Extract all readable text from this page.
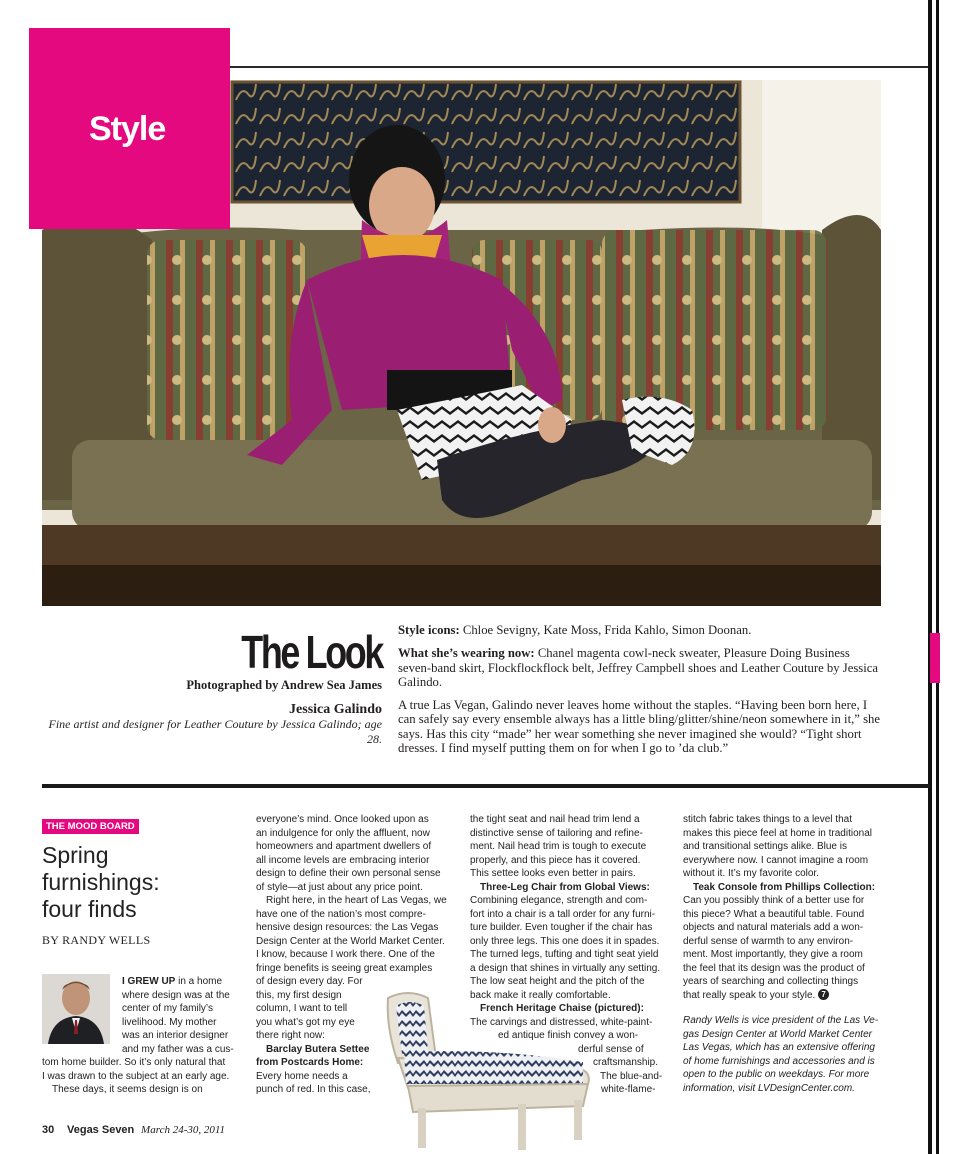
Style
The Look
Photographed by Andrew Sea James
Jessica Galindo
Fine artist and designer for Leather Couture by Jessica Galindo; age 28.

Style icons: Chloe Sevigny, Kate Moss, Frida Kahlo, Simon Doonan.

What she’s wearing now: Chanel magenta cowl-neck sweater, Pleasure Doing Business seven-band skirt, Flockflockflock belt, Jeffrey Campbell shoes and Leather Couture by Jessica Galindo.

A true Las Vegan, Galindo never leaves home without the staples. “Having been born here, I can safely say every ensemble always has a little bling/glitter/shine/neon somewhere in it,” she says. Has this city “made” her wear something she never imagined she would? “Tight short dresses. I find myself putting them on for when I go to ’da club.”

THE MOOD BOARD
Spring
furnishings:
four finds
BY RANDY WELLS
I GREW UP in a home
where design was at the
center of my family’s
livelihood. My mother
was an interior designer
and my father was a cus-
tom home builder. So it’s only natural that
I was drawn to the subject at an early age.
These days, it seems design is on
everyone’s mind. Once looked upon as
an indulgence for only the affluent, now
homeowners and apartment dwellers of
all income levels are embracing interior
design to define their own personal sense
of style—at just about any price point.
Right here, in the heart of Las Vegas, we
have one of the nation’s most compre-
hensive design resources: the Las Vegas
Design Center at the World Market Center.
I know, because I work there. One of the
fringe benefits is seeing great examples
of design every day. For
this, my first design
column, I want to tell
you what’s got my eye
there right now:
Barclay Butera Settee
from Postcards Home:
Every home needs a
punch of red. In this case,
the tight seat and nail head trim lend a
distinctive sense of tailoring and refine-
ment. Nail head trim is tough to execute
properly, and this piece has it covered.
This settee looks even better in pairs.
Three-Leg Chair from Global Views:
Combining elegance, strength and com-
fort into a chair is a tall order for any furni-
ture builder. Even tougher if the chair has
only three legs. This one does it in spades.
The turned legs, tufting and tight seat yield
a design that shines in virtually any setting.
The low seat height and the pitch of the
back make it really comfortable.
French Heritage Chaise (pictured):
The carvings and distressed, white-paint-
ed antique finish convey a won-
derful sense of
craftsmanship.
The blue-and-
white-flame-
stitch fabric takes things to a level that
makes this piece feel at home in traditional
and transitional settings alike. Blue is
everywhere now. I cannot imagine a room
without it. It’s my favorite color.
Teak Console from Phillips Collection:
Can you possibly think of a better use for
this piece? What a beautiful table. Found
objects and natural materials add a won-
derful sense of warmth to any environ-
ment. Most importantly, they give a room
the feel that its design was the product of
years of searching and collecting things
that really speak to your style. 7
Randy Wells is vice president of the Las Ve-
gas Design Center at World Market Center
Las Vegas, which has an extensive offering
of home furnishings and accessories and is
open to the public on weekdays. For more
information, visit LVDesignCenter.com.
30 Vegas Seven March 24-30, 2011
